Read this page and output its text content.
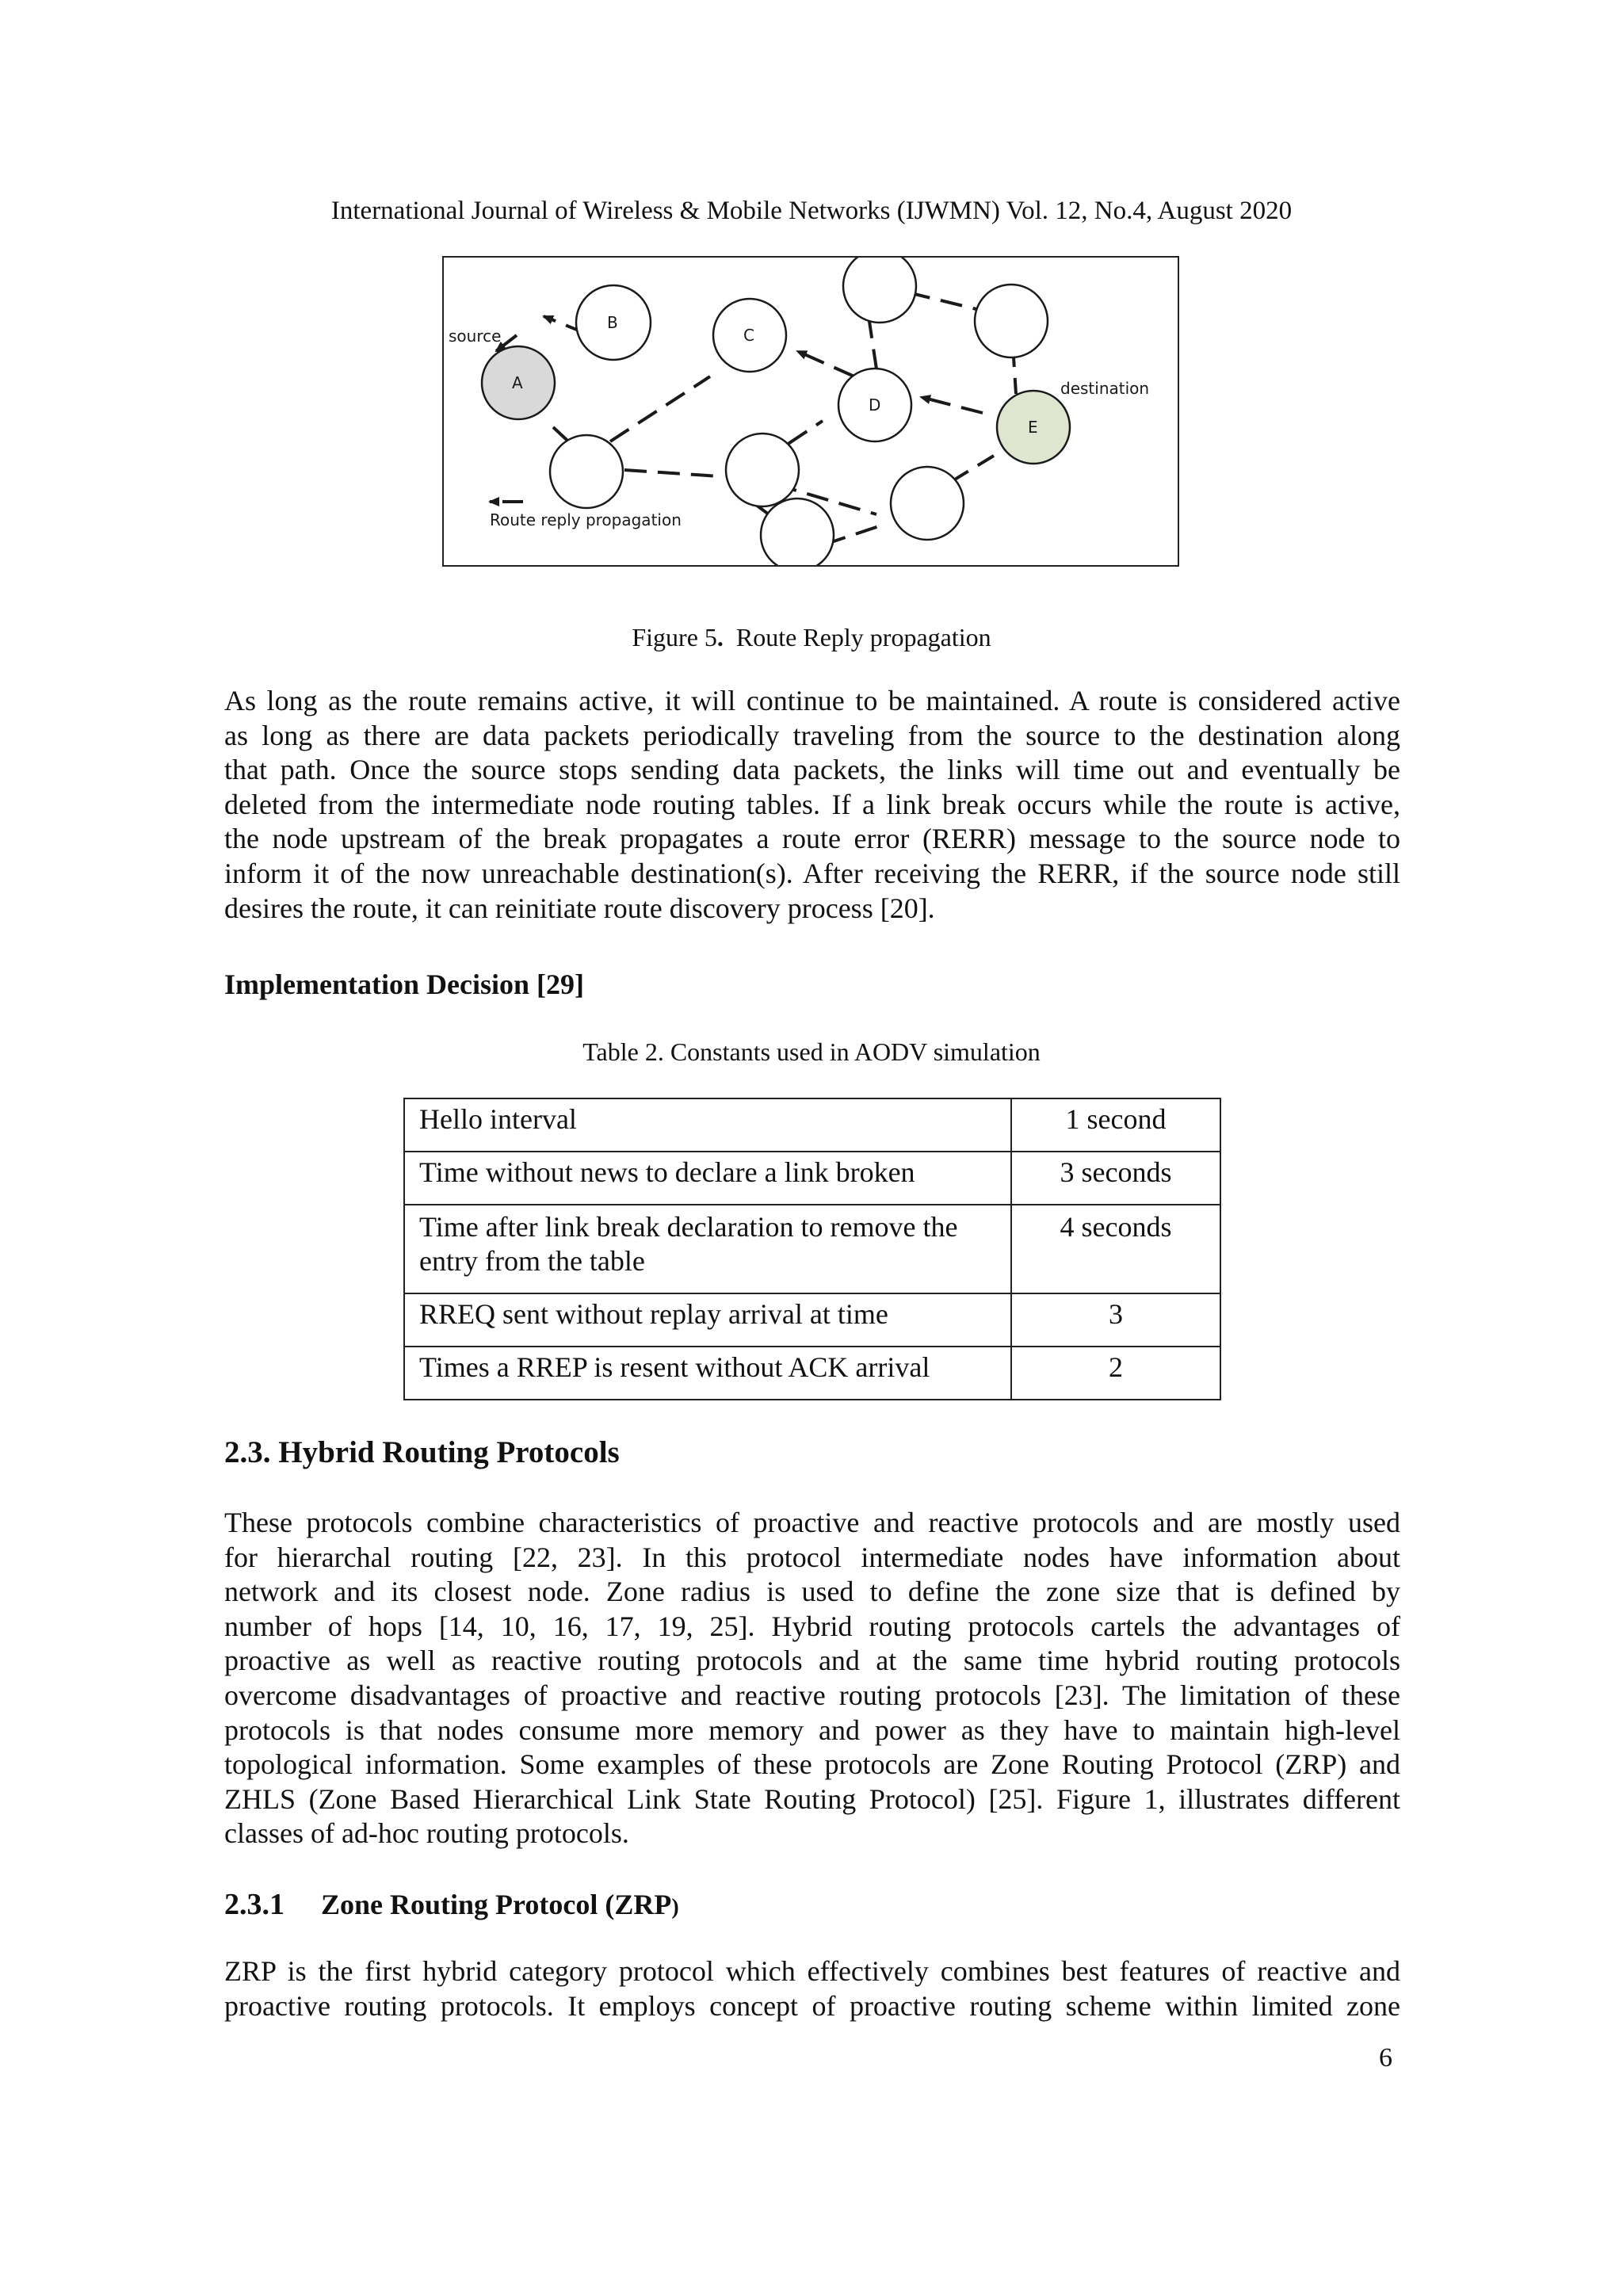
International Journal of Wireless & Mobile Networks (IJWMN) Vol. 12, No.4, August 2020
A
B
C
D
E
source
destination
Route reply propagation
Figure 5. Route Reply propagation
As long as the route remains active, it will continue to be maintained. A route is considered active
as long as there are data packets periodically traveling from the source to the destination along
that path. Once the source stops sending data packets, the links will time out and eventually be
deleted from the intermediate node routing tables. If a link break occurs while the route is active,
the node upstream of the break propagates a route error (RERR) message to the source node to
inform it of the now unreachable destination(s). After receiving the RERR, if the source node still
desires the route, it can reinitiate route discovery process [20].
Implementation Decision [29]
Table 2. Constants used in AODV simulation
Hello interval	1 second
Time without news to declare a link broken	3 seconds
Time after link break declaration to remove the entry from the table	4 seconds
RREQ sent without replay arrival at time	3
Times a RREP is resent without ACK arrival	2
2.3. Hybrid Routing Protocols
These protocols combine characteristics of proactive and reactive protocols and are mostly used
for hierarchal routing [22, 23]. In this protocol intermediate nodes have information about
network and its closest node. Zone radius is used to define the zone size that is defined by
number of hops [14, 10, 16, 17, 19, 25]. Hybrid routing protocols cartels the advantages of
proactive as well as reactive routing protocols and at the same time hybrid routing protocols
overcome disadvantages of proactive and reactive routing protocols [23]. The limitation of these
protocols is that nodes consume more memory and power as they have to maintain high-level
topological information. Some examples of these protocols are Zone Routing Protocol (ZRP) and
ZHLS (Zone Based Hierarchical Link State Routing Protocol) [25]. Figure 1, illustrates different
classes of ad-hoc routing protocols.
2.3.1 Zone Routing Protocol (ZRP)
ZRP is the first hybrid category protocol which effectively combines best features of reactive and
proactive routing protocols. It employs concept of proactive routing scheme within limited zone
6
